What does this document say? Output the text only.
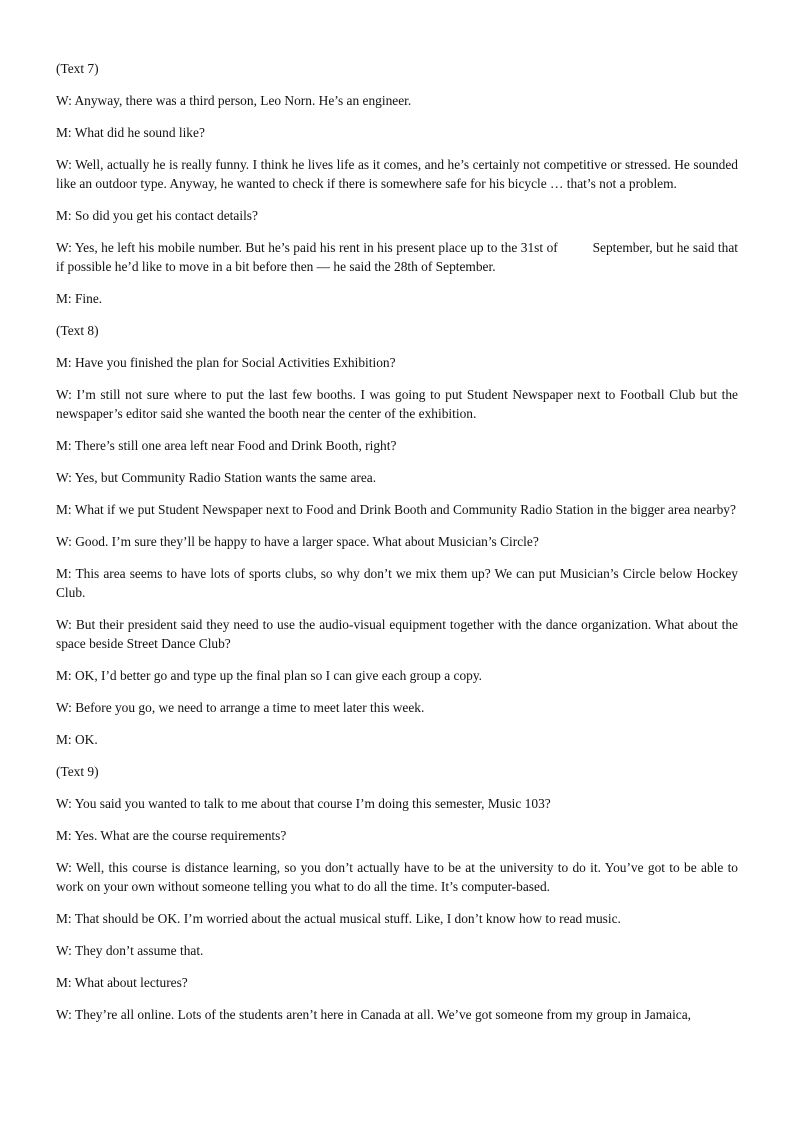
(Text 7)

W: Anyway, there was a third person, Leo Norn. He’s an engineer.

M: What did he sound like?

W: Well, actually he is really funny. I think he lives life as it comes, and he’s certainly not competitive or stressed. He sounded like an outdoor type. Anyway, he wanted to check if there is somewhere safe for his bicycle … that’s not a problem.

M: So did you get his contact details?

W: Yes, he left his mobile number. But he’s paid his rent in his present place up to the 31st of          September, but he said that if possible he’d like to move in a bit before then — he said the 28th of September.

M: Fine.

(Text 8)

M: Have you finished the plan for Social Activities Exhibition?

W: I’m still not sure where to put the last few booths. I was going to put Student Newspaper next to Football Club but the newspaper’s editor said she wanted the booth near the center of the exhibition.

M: There’s still one area left near Food and Drink Booth, right?

W: Yes, but Community Radio Station wants the same area.

M: What if we put Student Newspaper next to Food and Drink Booth and Community Radio Station in the bigger area nearby?

W: Good. I’m sure they’ll be happy to have a larger space. What about Musician’s Circle?

M: This area seems to have lots of sports clubs, so why don’t we mix them up? We can put Musician’s Circle below Hockey Club.

W: But their president said they need to use the audio-visual equipment together with the dance organization. What about the space beside Street Dance Club?

M: OK, I’d better go and type up the final plan so I can give each group a copy.

W: Before you go, we need to arrange a time to meet later this week.

M: OK.

(Text 9)

W: You said you wanted to talk to me about that course I’m doing this semester, Music 103?

M: Yes. What are the course requirements?

W: Well, this course is distance learning, so you don’t actually have to be at the university to do it. You’ve got to be able to work on your own without someone telling you what to do all the time. It’s computer-based.

M: That should be OK. I’m worried about the actual musical stuff. Like, I don’t know how to read music.

W: They don’t assume that.

M: What about lectures?

W: They’re all online. Lots of the students aren’t here in Canada at all. We’ve got someone from my group in Jamaica,
